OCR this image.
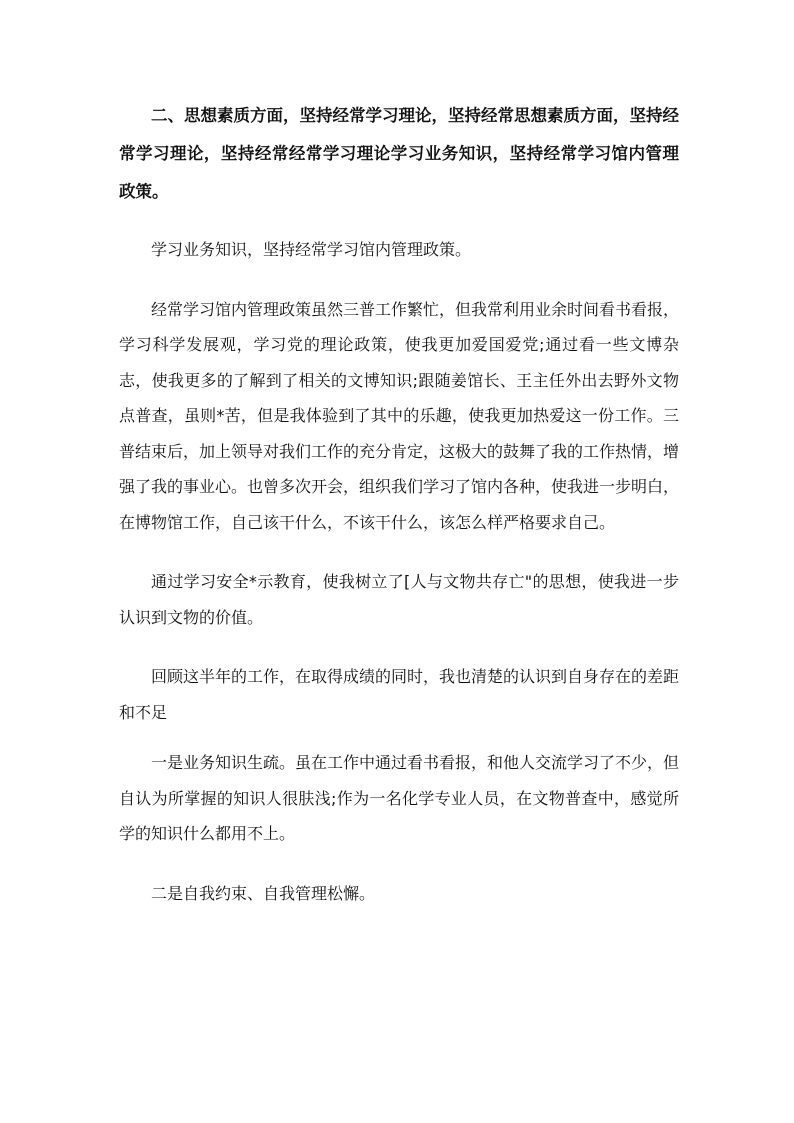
二、思想素质方面，坚持经常学习理论，坚持经常思想素质方面，坚持经常学习理论，坚持经常经常学习理论学习业务知识，坚持经常学习馆内管理政策。

学习业务知识，坚持经常学习馆内管理政策。

经常学习馆内管理政策虽然三普工作繁忙，但我常利用业余时间看书看报，学习科学发展观，学习党的理论政策，使我更加爱国爱党;通过看一些文博杂志，使我更多的了解到了相关的文博知识;跟随姜馆长、王主任外出去野外文物点普查，虽则*苦，但是我体验到了其中的乐趣，使我更加热爱这一份工作。三普结束后，加上领导对我们工作的充分肯定，这极大的鼓舞了我的工作热情，增强了我的事业心。也曾多次开会，组织我们学习了馆内各种，使我进一步明白，在博物馆工作，自己该干什么，不该干什么，该怎么样严格要求自己。

通过学习安全*示教育，使我树立了[人与文物共存亡"的思想，使我进一步认识到文物的价值。

回顾这半年的工作，在取得成绩的同时，我也清楚的认识到自身存在的差距和不足

一是业务知识生疏。虽在工作中通过看书看报，和他人交流学习了不少，但自认为所掌握的知识人很肤浅;作为一名化学专业人员，在文物普查中，感觉所学的知识什么都用不上。

二是自我约束、自我管理松懈。
